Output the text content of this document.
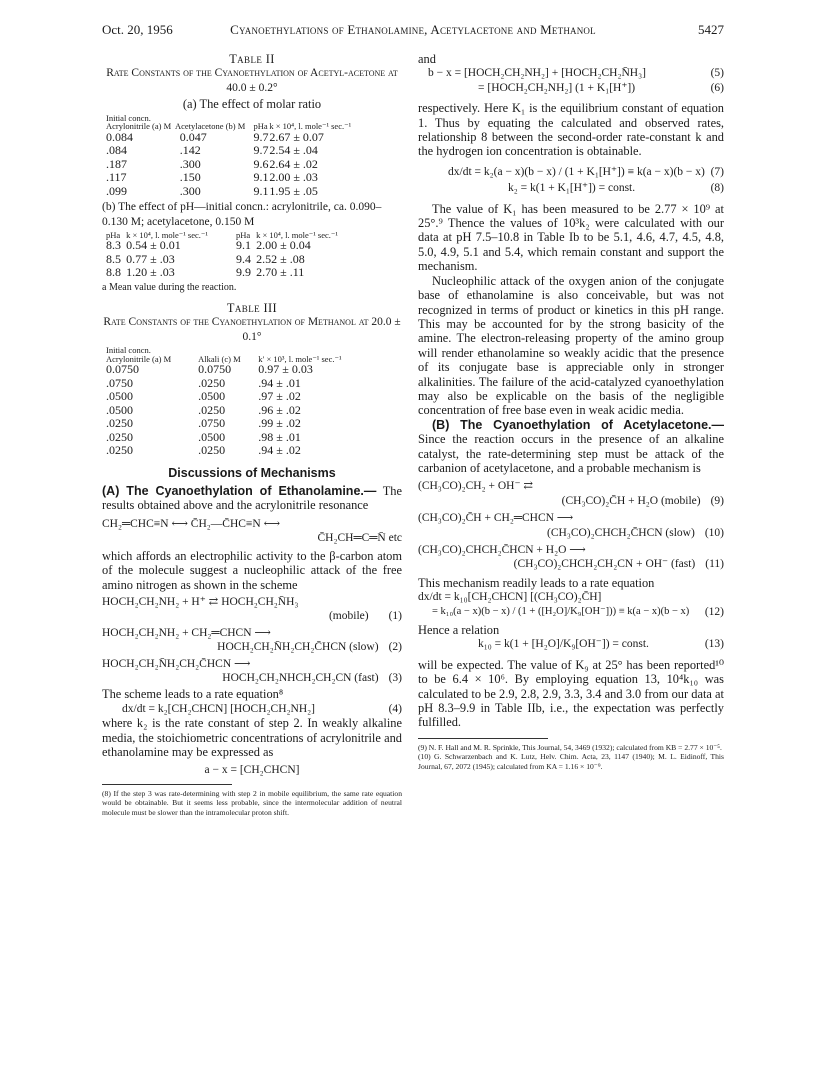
Oct. 20, 1956	Cyanoethylations of Ethanolamine, Acetylacetone and Methanol	5427
Table II
Rate Constants of the Cyanoethylation of Acetyl-acetone at 40.0 ± 0.2°
(a) The effect of molar ratio
Initial concn.
Acrylonitrile (a) M Acetylacetone (b) M		pHa	k × 10⁴, l. mole⁻¹ sec.⁻¹
0.084	0.047	9.7	2.67 ± 0.07
.084	.142	9.7	2.54 ± .04
.187	.300	9.6	2.64 ± .02
.117	.150	9.1	2.00 ± .03
.099	.300	9.1	1.95 ± .05
(b) The effect of pH—initial concn.: acrylonitrile, ca. 0.090–0.130 M; acetylacetone, 0.150 M
pHa	k × 10⁴, l. mole⁻¹ sec.⁻¹	pHa	k × 10⁴, l. mole⁻¹ sec.⁻¹
8.3	0.54 ± 0.01	9.1	2.00 ± 0.04
8.5	0.77 ± .03	9.4	2.52 ± .08
8.8	1.20 ± .03	9.9	2.70 ± .11
a Mean value during the reaction.
Table III
Rate Constants of the Cyanoethylation of Methanol at 20.0 ± 0.1°
Initial concn.
Acrylonitrile (a) M	Alkali (c) M	k′ × 10³, l. mole⁻¹ sec.⁻¹
0.0750	0.0750	0.97 ± 0.03
.0750	.0250	.94 ± .01
.0500	.0500	.97 ± .02
.0500	.0250	.96 ± .02
.0250	.0750	.99 ± .02
.0250	.0500	.98 ± .01
.0250	.0250	.94 ± .02
Discussions of Mechanisms
(A) The Cyanoethylation of Ethanolamine.— The results obtained above and the acrylonitrile resonance
CH₂═CHC≡N ⟷ C̄H₂—C̄HC≡N ⟷
C̄H₂CH═C═N̄ etc
which affords an electrophilic activity to the β-carbon atom of the molecule suggest a nucleophilic attack of the free amino nitrogen as shown in the scheme
HOCH₂CH₂NH₂ + H⁺ ⇄ HOCH₂CH₂N̄H₃
(mobile) (1)
HOCH₂CH₂NH₂ + CH₂═CHCN ⟶
HOCH₂CH₂N̄H₂CH₂C̄HCN (slow) (2)
HOCH₂CH₂N̄H₂CH₂C̄HCN ⟶
HOCH₂CH₂NHCH₂CH₂CN (fast) (3)
The scheme leads to a rate equation⁸
dx/dt = k₂[CH₂CHCN] [HOCH₂CH₂NH₂]	(4)
where k₂ is the rate constant of step 2. In weakly alkaline media, the stoichiometric concentrations of acrylonitrile and ethanolamine may be expressed as
a − x = [CH₂CHCN]
(8) If the step 3 was rate-determining with step 2 in mobile equilibrium, the same rate equation would be obtainable. But it seems less probable, since the intermolecular addition of neutral molecule must be slower than the intramolecular proton shift.
and
b − x = [HOCH₂CH₂NH₂] + [HOCH₂CH₂N̄H₃]	(5)
= [HOCH₂CH₂NH₂] (1 + K₁[H⁺])	(6)
respectively. Here K₁ is the equilibrium constant of equation 1. Thus by equating the calculated and observed rates, relationship 8 between the second-order rate-constant k and the hydrogen ion concentration is obtainable.
dx/dt = k₂(a − x)(b − x) / (1 + K₁[H⁺]) ≡ k(a − x)(b − x) (7)
k₂ = k(1 + K₁[H⁺]) = const.	(8)
The value of K₁ has been measured to be 2.77 × 10⁹ at 25°.⁹ Thence the values of 10³k₂ were calculated with our data at pH 7.5–10.8 in Table Ib to be 5.1, 4.6, 4.7, 4.5, 4.8, 5.0, 4.9, 5.1 and 5.4, which remain constant and support the mechanism.
Nucleophilic attack of the oxygen anion of the conjugate base of ethanolamine is also conceivable, but was not recognized in terms of product or kinetics in this pH range. This may be accounted for by the strong basicity of the amine. The electron-releasing property of the amino group will render ethanolamine so weakly acidic that the presence of its conjugate base is appreciable only in stronger alkalinities. The failure of the acid-catalyzed cyanoethylation may also be explicable on the basis of the negligible concentration of free base even in weak acidic media.
(B) The Cyanoethylation of Acetylacetone.— Since the reaction occurs in the presence of an alkaline catalyst, the rate-determining step must be attack of the carbanion of acetylacetone, and a probable mechanism is
(CH₃CO)₂CH₂ + OH⁻ ⇄
(CH₃CO)₂C̄H + H₂O (mobile) (9)
(CH₃CO)₂C̄H + CH₂═CHCN ⟶
(CH₃CO)₂CHCH₂C̄HCN (slow) (10)
(CH₃CO)₂CHCH₂C̄HCN + H₂O ⟶
(CH₃CO)₂CHCH₂CH₂CN + OH⁻ (fast) (11)
This mechanism readily leads to a rate equation
dx/dt = k₁₀[CH₂CHCN] [(CH₃CO)₂C̄H]
= k₁₀(a − x)(b − x) / (1 + ([H₂O]/K₉[OH⁻])) ≡ k(a − x)(b − x) (12)
Hence a relation
k₁₀ = k(1 + [H₂O]/K₉[OH⁻]) = const.	(13)
will be expected. The value of K₉ at 25° has been reported¹⁰ to be 6.4 × 10⁶. By employing equation 13, 10⁴k₁₀ was calculated to be 2.9, 2.8, 2.9, 3.3, 3.4 and 3.0 from our data at pH 8.3–9.9 in Table IIb, i.e., the expectation was perfectly fulfilled.
(9) N. F. Hall and M. R. Sprinkle, This Journal, 54, 3469 (1932); calculated from KB = 2.77 × 10⁻⁵.
(10) G. Schwarzenbach and K. Lutz, Helv. Chim. Acta, 23, 1147 (1940); M. L. Eidinoff, This Journal, 67, 2072 (1945); calculated from KA = 1.16 × 10⁻⁹.
